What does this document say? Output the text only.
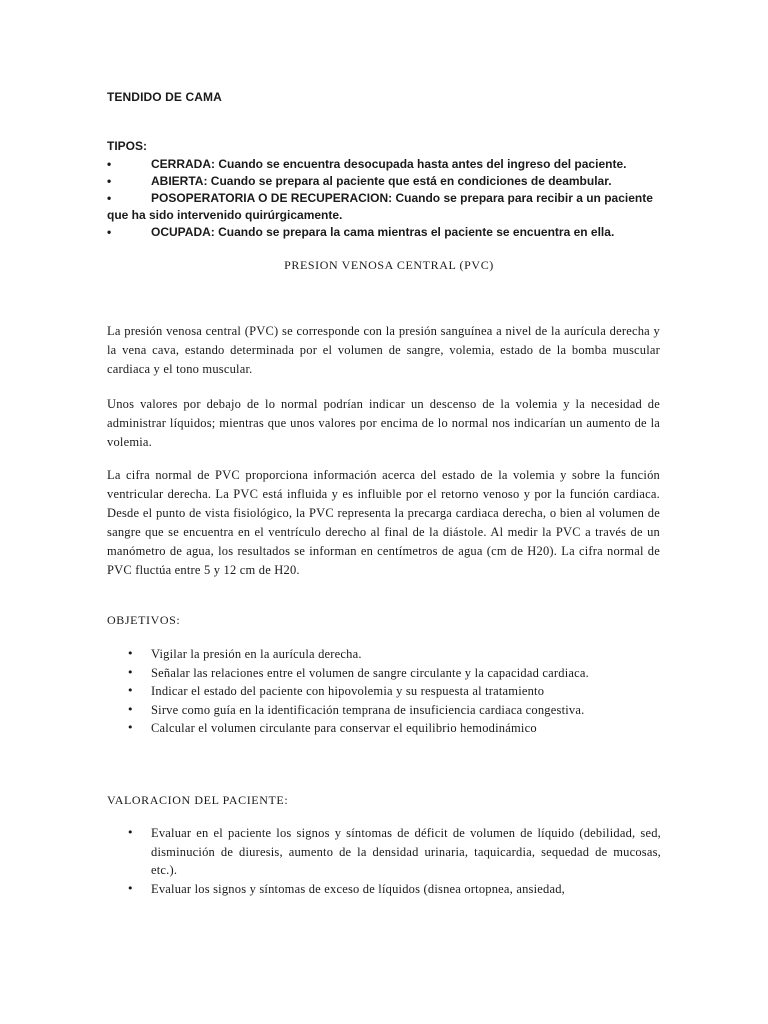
TENDIDO DE CAMA
TIPOS:
•	CERRADA: Cuando se encuentra desocupada hasta antes del ingreso del paciente.
•	ABIERTA: Cuando se prepara al paciente que está en condiciones de deambular.
•	POSOPERATORIA O DE RECUPERACION: Cuando se prepara para recibir a un paciente que ha sido intervenido quirúrgicamente.
•	OCUPADA: Cuando se prepara la cama mientras el paciente se encuentra en ella.
PRESION VENOSA CENTRAL (PVC)

La presión venosa central (PVC) se corresponde con la presión sanguínea a nivel de la aurícula derecha y la vena cava, estando determinada por el volumen de sangre, volemia, estado de la bomba muscular cardiaca y el tono muscular.

Unos valores por debajo de lo normal podrían indicar un descenso de la volemia y la necesidad de administrar líquidos; mientras que unos valores por encima de lo normal nos indicarían un aumento de la volemia.

La cifra normal de PVC proporciona información acerca del estado de la volemia y sobre la función ventricular derecha. La PVC está influida y es influible por el retorno venoso y por la función cardiaca. Desde el punto de vista fisiológico, la PVC representa la precarga cardiaca derecha, o bien al volumen de sangre que se encuentra en el ventrículo derecho al final de la diástole. Al medir la PVC a través de un manómetro de agua, los resultados se informan en centímetros de agua (cm de H20). La cifra normal de PVC fluctúa entre 5 y 12 cm de H20.

OBJETIVOS:
• Vigilar la presión en la aurícula derecha.
• Señalar las relaciones entre el volumen de sangre circulante y la capacidad cardiaca.
• Indicar el estado del paciente con hipovolemia y su respuesta al tratamiento
• Sirve como guía en la identificación temprana de insuficiencia cardiaca congestiva.
• Calcular el volumen circulante para conservar el equilibrio hemodinámico
VALORACION DEL PACIENTE:
• Evaluar en el paciente los signos y síntomas de déficit de volumen de líquido (debilidad, sed, disminución de diuresis, aumento de la densidad urinaria, taquicardia, sequedad de mucosas, etc.).
• Evaluar los signos y síntomas de exceso de líquidos (disnea ortopnea, ansiedad,
